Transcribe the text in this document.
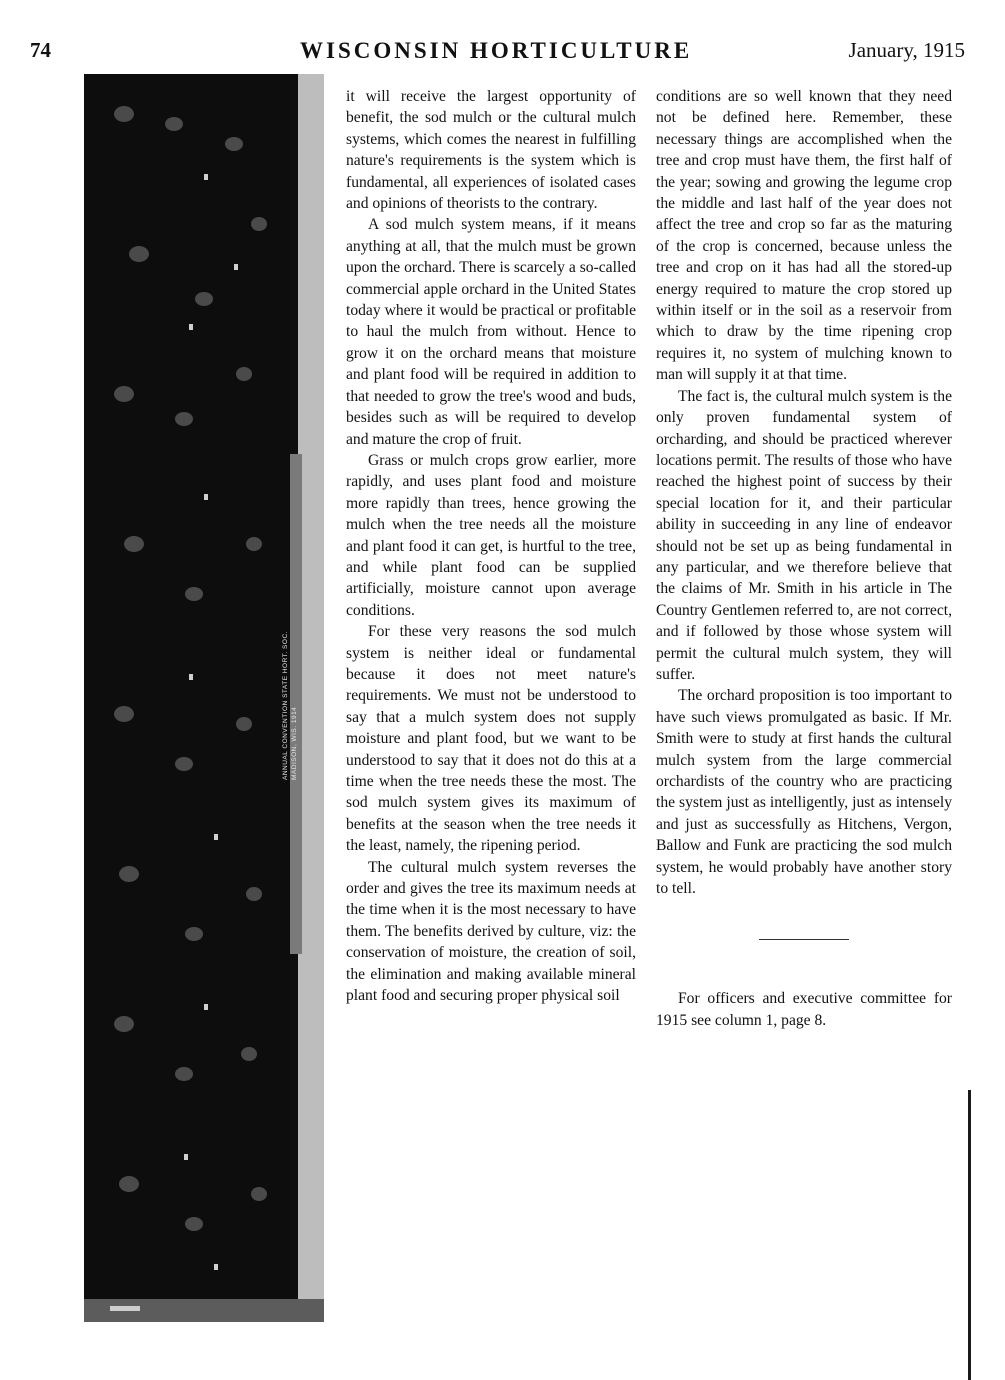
74	WISCONSIN HORTICULTURE	January, 1915
ANNUAL CONVENTION STATE HORT. SOC. MADISON, WIS. 1914

it will receive the largest opportunity of benefit, the sod mulch or the cultural mulch systems, which comes the nearest in fulfilling nature's requirements is the system which is fundamental, all experiences of isolated cases and opinions of theorists to the contrary.

A sod mulch system means, if it means anything at all, that the mulch must be grown upon the orchard. There is scarcely a so-called commercial apple orchard in the United States today where it would be practical or profitable to haul the mulch from without. Hence to grow it on the orchard means that moisture and plant food will be required in addition to that needed to grow the tree's wood and buds, besides such as will be required to develop and mature the crop of fruit.

Grass or mulch crops grow earlier, more rapidly, and uses plant food and moisture more rapidly than trees, hence growing the mulch when the tree needs all the moisture and plant food it can get, is hurtful to the tree, and while plant food can be supplied artificially, moisture cannot upon average conditions.

For these very reasons the sod mulch system is neither ideal or fundamental because it does not meet nature's requirements. We must not be understood to say that a mulch system does not supply moisture and plant food, but we want to be understood to say that it does not do this at a time when the tree needs these the most. The sod mulch system gives its maximum of benefits at the season when the tree needs it the least, namely, the ripening period.

The cultural mulch system reverses the order and gives the tree its maximum needs at the time when it is the most necessary to have them. The benefits derived by culture, viz: the conservation of moisture, the creation of soil, the elimination and making available mineral plant food and securing proper physical soil

conditions are so well known that they need not be defined here. Remember, these necessary things are accomplished when the tree and crop must have them, the first half of the year; sowing and growing the legume crop the middle and last half of the year does not affect the tree and crop so far as the maturing of the crop is concerned, because unless the tree and crop on it has had all the stored-up energy required to mature the crop stored up within itself or in the soil as a reservoir from which to draw by the time ripening crop requires it, no system of mulching known to man will supply it at that time.

The fact is, the cultural mulch system is the only proven fundamental system of orcharding, and should be practiced wherever locations permit. The results of those who have reached the highest point of success by their special location for it, and their particular ability in succeeding in any line of endeavor should not be set up as being fundamental in any particular, and we therefore believe that the claims of Mr. Smith in his article in The Country Gentlemen referred to, are not correct, and if followed by those whose system will permit the cultural mulch system, they will suffer.

The orchard proposition is too important to have such views promulgated as basic. If Mr. Smith were to study at first hands the cultural mulch system from the large commercial orchardists of the country who are practicing the system just as intelligently, just as intensely and just as successfully as Hitchens, Vergon, Ballow and Funk are practicing the sod mulch system, he would probably have another story to tell.

For officers and executive committee for 1915 see column 1, page 8.
